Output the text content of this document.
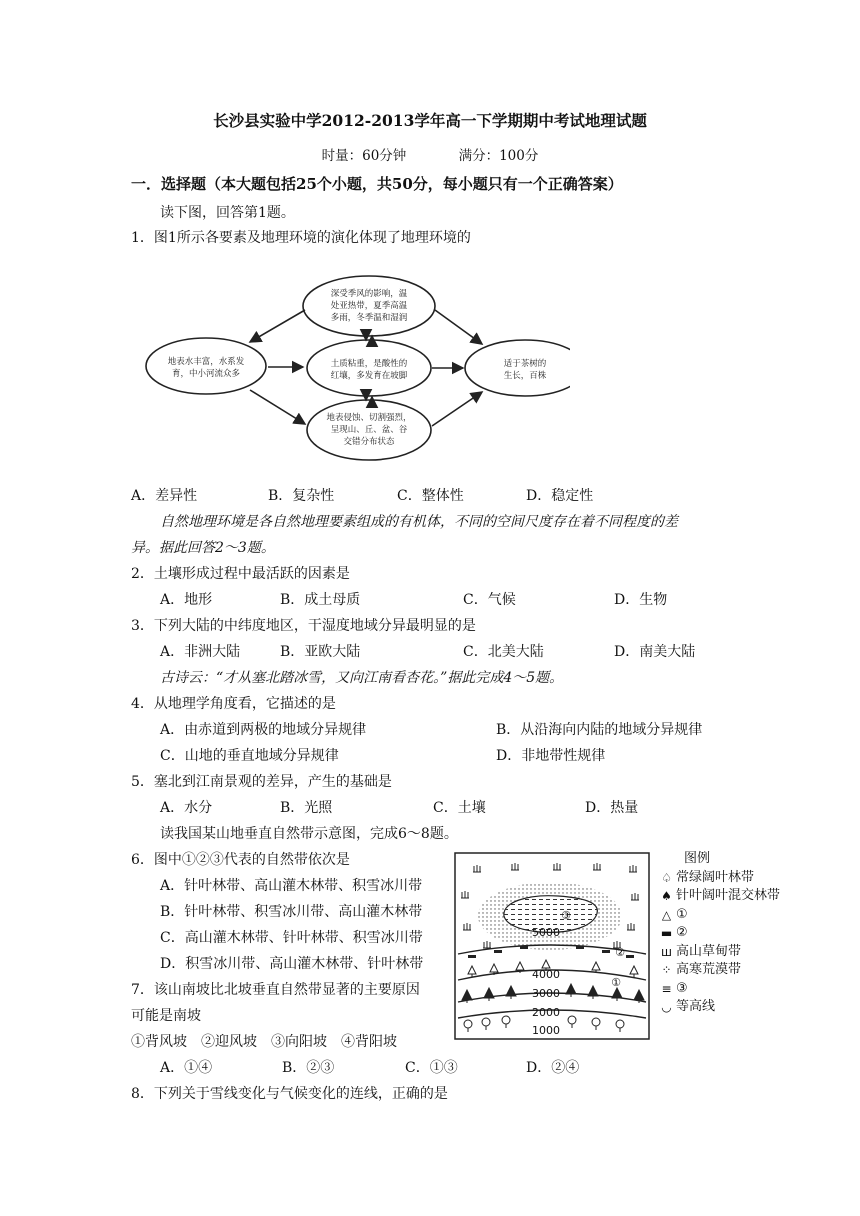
长沙县实验中学2012-2013学年高一下学期期中考试地理试题
时量：60分钟	满分：100分
一．选择题（本大题包括25个小题，共50分，每小题只有一个正确答案）
读下图，回答第1题。
1．图1所示各要素及地理环境的演化体现了地理环境的
深受季风的影响，温
处亚热带，夏季高温
多雨，冬季温和湿润
地表水丰富，水系发
育，中小河流众多
土质粘重，是酸性的
红壤，多发育在坡脚
地表侵蚀、切割强烈，
呈现山、丘、盆、谷
交错分布状态
适于茶树的
生长，百株
A．差异性	B．复杂性	C．整体性	D．稳定性
自然地理环境是各自然地理要素组成的有机体，不同的空间尺度存在着不同程度的差
异。据此回答2～3题。
2．土壤形成过程中最活跃的因素是
A．地形	B．成土母质	C．气候	D．生物
3．下列大陆的中纬度地区，干湿度地域分异最明显的是
A．非洲大陆	B．亚欧大陆	C．北美大陆	D．南美大陆
古诗云：“才从塞北踏冰雪，又向江南看杏花。”据此完成4～5题。
4．从地理学角度看，它描述的是
A．由赤道到两极的地域分异规律	B．从沿海向内陆的地域分异规律
C．山地的垂直地域分异规律	D．非地带性规律
5．塞北到江南景观的差异，产生的基础是
A．水分	B．光照	C．土壤	D．热量
读我国某山地垂直自然带示意图，完成6～8题。
6．图中①②③代表的自然带依次是
A．针叶林带、高山灌木林带、积雪冰川带
B．针叶林带、积雪冰川带、高山灌木林带
C．高山灌木林带、针叶林带、积雪冰川带
D．积雪冰川带、高山灌木林带、针叶林带
7．该山南坡比北坡垂直自然带显著的主要原因
可能是南坡
①背风坡　②迎风坡　③向阳坡　④背阳坡
A．①④	B．②③	C．①③	D．②④
8．下列关于雪线变化与气候变化的连线，正确的是
③
②
①
5000
4000
3000
2000
1000
图例
♤ 常绿阔叶林带
♠ 针叶阔叶混交林带
△ ①
▬ ②
ш 高山草甸带
⁘ 高寒荒漠带
≡ ③
◡ 等高线
